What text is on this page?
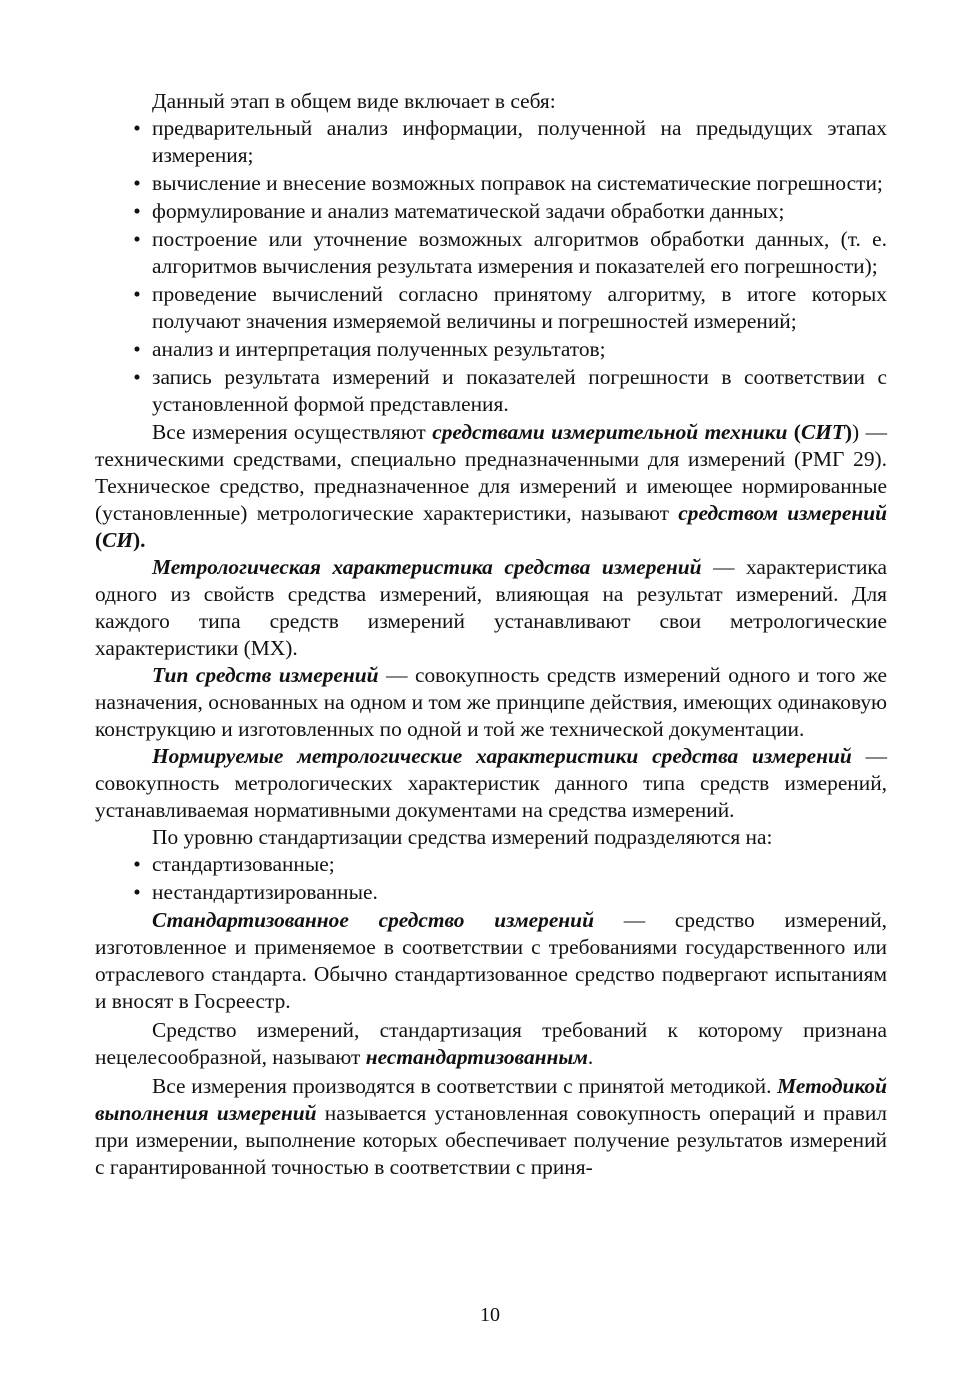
Данный этап в общем виде включает в себя:

• предварительный анализ информации, полученной на предыдущих этапах измерения;
• вычисление и внесение возможных поправок на систематические погрешности;
• формулирование и анализ математической задачи обработки данных;
• построение или уточнение возможных алгоритмов обработки данных, (т. е. алгоритмов вычисления результата измерения и показателей его погрешности);
• проведение вычислений согласно принятому алгоритму, в итоге которых получают значения измеряемой величины и погрешностей измерений;
• анализ и интерпретация полученных результатов;
• запись результата измерений и показателей погрешности в соответствии с установленной формой представления.

Все измерения осуществляют средствами измерительной техники (СИТ)) — техническими средствами, специально предназначенными для измерений (РМГ 29). Техническое средство, предназначенное для измерений и имеющее нормированные (установленные) метрологические характеристики, называют средством измерений (СИ).

Метрологическая характеристика средства измерений — характеристика одного из свойств средства измерений, влияющая на результат измерений. Для каждого типа средств измерений устанавливают свои метрологические характеристики (МХ).

Тип средств измерений — совокупность средств измерений одного и того же назначения, основанных на одном и том же принципе действия, имеющих одинаковую конструкцию и изготовленных по одной и той же технической документации.

Нормируемые метрологические характеристики средства измерений — совокупность метрологических характеристик данного типа средств измерений, устанавливаемая нормативными документами на средства измерений.

По уровню стандартизации средства измерений подразделяются на:

• стандартизованные;
• нестандартизированные.

Стандартизованное средство измерений — средство измерений, изготовленное и применяемое в соответствии с требованиями государственного или отраслевого стандарта. Обычно стандартизованное средство подвергают испытаниям и вносят в Госреестр.

Средство измерений, стандартизация требований к которому признана нецелесообразной, называют нестандартизованным.

Все измерения производятся в соответствии с принятой методикой. Методикой выполнения измерений называется установленная совокупность операций и правил при измерении, выполнение которых обеспечивает получение результатов измерений с гарантированной точностью в соответствии с приня-

10
